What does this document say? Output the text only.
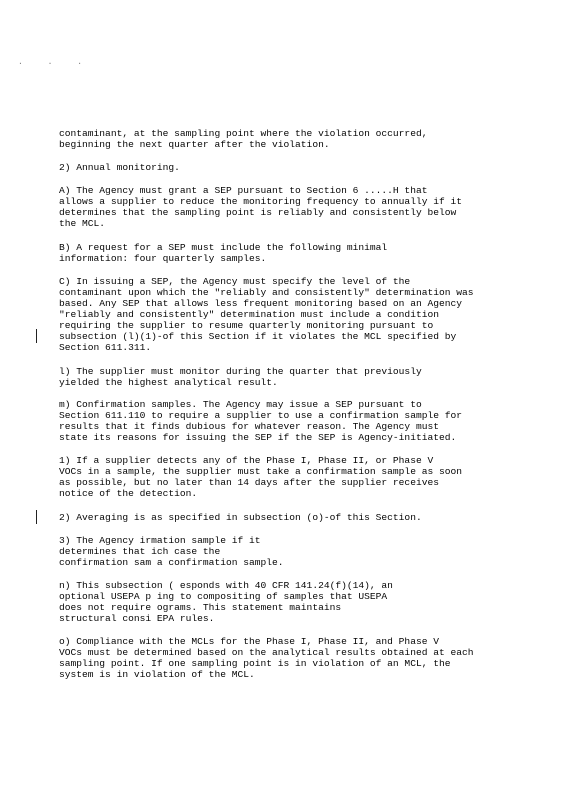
. . .
contaminant, at the sampling point where the violation occurred,
beginning the next quarter after the violation.
2) Annual monitoring.
A) The Agency must grant a SEP pursuant to Section 6 .....H that
allows a supplier to reduce the monitoring frequency to annually if it
determines that the sampling point is reliably and consistently below
the MCL.
B) A request for a SEP must include the following minimal
information: four quarterly samples.
C) In issuing a SEP, the Agency must specify the level of the
contaminant upon which the "reliably and consistently" determination was
based. Any SEP that allows less frequent monitoring based on an Agency
"reliably and consistently" determination must include a condition
requiring the supplier to resume quarterly monitoring pursuant to
subsection (l)(1)-of this Section if it violates the MCL specified by
Section 611.311.
l) The supplier must monitor during the quarter that previously
yielded the highest analytical result.
m) Confirmation samples. The Agency may issue a SEP pursuant to
Section 611.110 to require a supplier to use a confirmation sample for
results that it finds dubious for whatever reason. The Agency must
state its reasons for issuing the SEP if the SEP is Agency-initiated.
1) If a supplier detects any of the Phase I, Phase II, or Phase V
VOCs in a sample, the supplier must take a confirmation sample as soon
as possible, but no later than 14 days after the supplier receives
notice of the detection.
2) Averaging is as specified in subsection (o)-of this Section.
3) The Agency irmation sample if it
determines that ich case the
confirmation sam a confirmation sample.
n) This subsection ( esponds with 40 CFR 141.24(f)(14), an
optional USEPA p ing to compositing of samples that USEPA
does not require ograms. This statement maintains
structural consi EPA rules.
o) Compliance with the MCLs for the Phase I, Phase II, and Phase V
VOCs must be determined based on the analytical results obtained at each
sampling point. If one sampling point is in violation of an MCL, the
system is in violation of the MCL.
